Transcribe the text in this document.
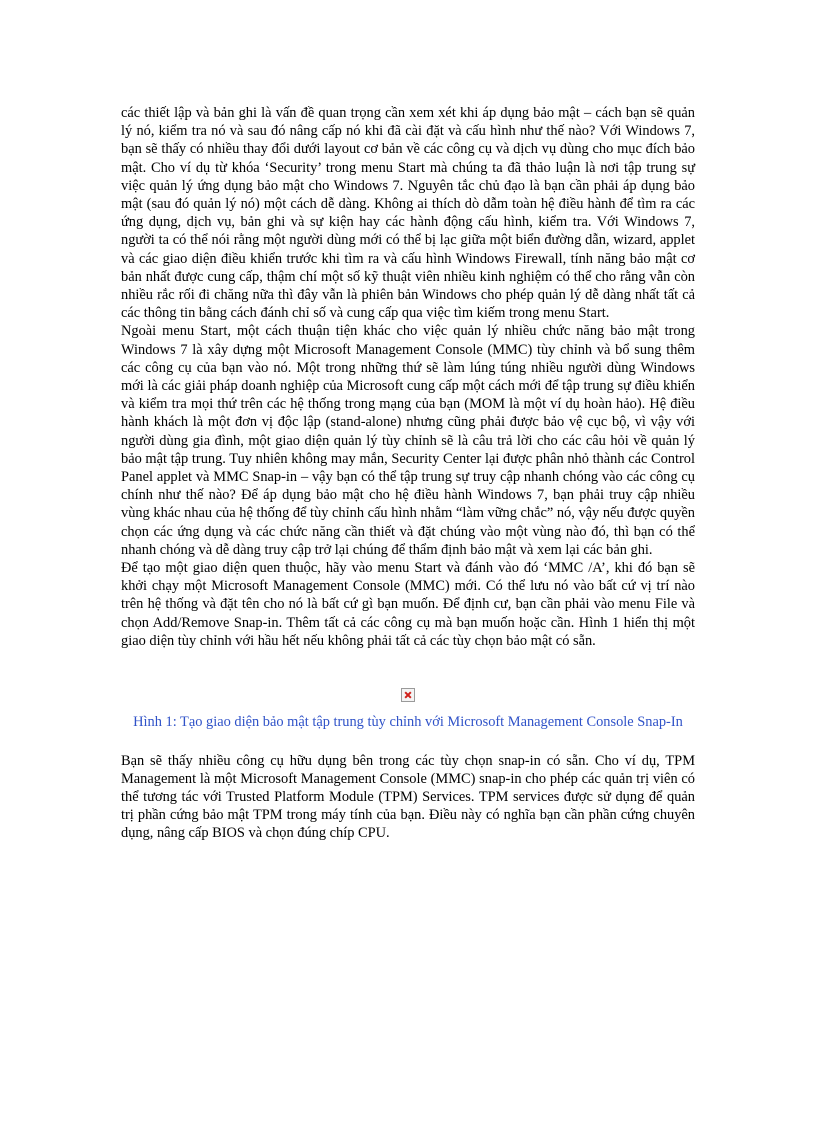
các thiết lập và bản ghi là vấn đề quan trọng cần xem xét khi áp dụng bảo mật – cách bạn sẽ quản lý nó, kiểm tra nó và sau đó nâng cấp nó khi đã cài đặt và cấu hình như thế nào? Với Windows 7, bạn sẽ thấy có nhiều thay đổi dưới layout cơ bản về các công cụ và dịch vụ dùng cho mục đích bảo mật. Cho ví dụ từ khóa ‘Security’ trong menu Start mà chúng ta đã thảo luận là nơi tập trung sự việc quản lý ứng dụng bảo mật cho Windows 7. Nguyên tắc chủ đạo là bạn cần phải áp dụng bảo mật (sau đó quản lý nó) một cách dễ dàng. Không ai thích dò dẫm toàn hệ điều hành để tìm ra các ứng dụng, dịch vụ, bản ghi và sự kiện hay các hành động cấu hình, kiểm tra. Với Windows 7, người ta có thể nói rằng một người dùng mới có thể bị lạc giữa một biển đường dẫn, wizard, applet và các giao diện điều khiển trước khi tìm ra và cấu hình Windows Firewall, tính năng bảo mật cơ bản nhất được cung cấp, thậm chí một số kỹ thuật viên nhiều kinh nghiệm có thể cho rằng vẫn còn nhiều rắc rối đi chăng nữa thì đây vẫn là phiên bản Windows cho phép quản lý dễ dàng nhất tất cả các thông tin bằng cách đánh chỉ số và cung cấp qua việc tìm kiếm trong menu Start.

Ngoài menu Start, một cách thuận tiện khác cho việc quản lý nhiều chức năng bảo mật trong Windows 7 là xây dựng một Microsoft Management Console (MMC) tùy chỉnh và bổ sung thêm các công cụ của bạn vào nó. Một trong những thứ sẽ làm lúng túng nhiều người dùng Windows mới là các giải pháp doanh nghiệp của Microsoft cung cấp một cách mới để tập trung sự điều khiển và kiểm tra mọi thứ trên các hệ thống trong mạng của bạn (MOM là một ví dụ hoàn hảo). Hệ điều hành khách là một đơn vị độc lập (stand-alone) nhưng cũng phải được bảo vệ cục bộ, vì vậy với người dùng gia đình, một giao diện quản lý tùy chỉnh sẽ là câu trả lời cho các câu hỏi về quản lý bảo mật tập trung. Tuy nhiên không may mắn, Security Center lại được phân nhỏ thành các Control Panel applet và MMC Snap-in – vậy bạn có thể tập trung sự truy cập nhanh chóng vào các công cụ chính như thế nào? Để áp dụng bảo mật cho hệ điều hành Windows 7, bạn phải truy cập nhiều vùng khác nhau của hệ thống để tùy chỉnh cấu hình nhằm “làm vững chắc” nó, vậy nếu được quyền chọn các ứng dụng và các chức năng cần thiết và đặt chúng vào một vùng nào đó, thì bạn có thể nhanh chóng và dễ dàng truy cập trở lại chúng để thẩm định bảo mật và xem lại các bản ghi.

Để tạo một giao diện quen thuộc, hãy vào menu Start và đánh vào đó ‘MMC /A’, khi đó bạn sẽ khởi chạy một Microsoft Management Console (MMC) mới. Có thể lưu nó vào bất cứ vị trí nào trên hệ thống và đặt tên cho nó là bất cứ gì bạn muốn. Để định cư, bạn cần phải vào menu File và chọn Add/Remove Snap-in. Thêm tất cả các công cụ mà bạn muốn hoặc cần. Hình 1 hiển thị một giao diện tùy chỉnh với hầu hết nếu không phải tất cả các tùy chọn bảo mật có sẵn.

Hình 1: Tạo giao diện bảo mật tập trung tùy chỉnh với Microsoft Management Console Snap-In

Bạn sẽ thấy nhiều công cụ hữu dụng bên trong các tùy chọn snap-in có sẵn. Cho ví dụ, TPM Management là một Microsoft Management Console (MMC) snap-in cho phép các quản trị viên có thể tương tác với Trusted Platform Module (TPM) Services. TPM services được sử dụng để quản trị phần cứng bảo mật TPM trong máy tính của bạn. Điều này có nghĩa bạn cần phần cứng chuyên dụng, nâng cấp BIOS và chọn đúng chíp CPU.
